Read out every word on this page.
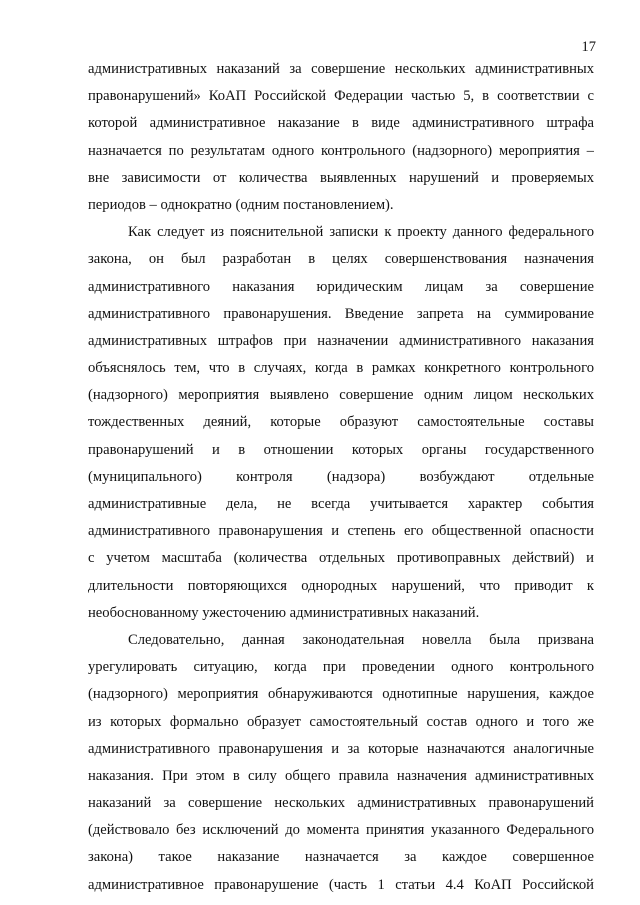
17
административных наказаний за совершение нескольких административных
правонарушений» КоАП Российской Федерации частью 5, в соответствии с
которой административное наказание в виде административного штрафа
назначается по результатам одного контрольного (надзорного) мероприятия –
вне зависимости от количества выявленных нарушений и проверяемых
периодов – однократно (одним постановлением).
Как следует из пояснительной записки к проекту данного федерального
закона, он был разработан в целях совершенствования назначения
административного наказания юридическим лицам за совершение
административного правонарушения. Введение запрета на суммирование
административных штрафов при назначении административного наказания
объяснялось тем, что в случаях, когда в рамках конкретного контрольного
(надзорного) мероприятия выявлено совершение одним лицом нескольких
тождественных деяний, которые образуют самостоятельные составы
правонарушений и в отношении которых органы государственного
(муниципального) контроля (надзора) возбуждают отдельные
административные дела, не всегда учитывается характер события
административного правонарушения и степень его общественной опасности
с учетом масштаба (количества отдельных противоправных действий) и
длительности повторяющихся однородных нарушений, что приводит к
необоснованному ужесточению административных наказаний.
Следовательно, данная законодательная новелла была призвана
урегулировать ситуацию, когда при проведении одного контрольного
(надзорного) мероприятия обнаруживаются однотипные нарушения, каждое
из которых формально образует самостоятельный состав одного и того же
административного правонарушения и за которые назначаются аналогичные
наказания. При этом в силу общего правила назначения административных
наказаний за совершение нескольких административных правонарушений
(действовало без исключений до момента принятия указанного Федерального
закона) такое наказание назначается за каждое совершенное
административное правонарушение (часть 1 статьи 4.4 КоАП Российской
